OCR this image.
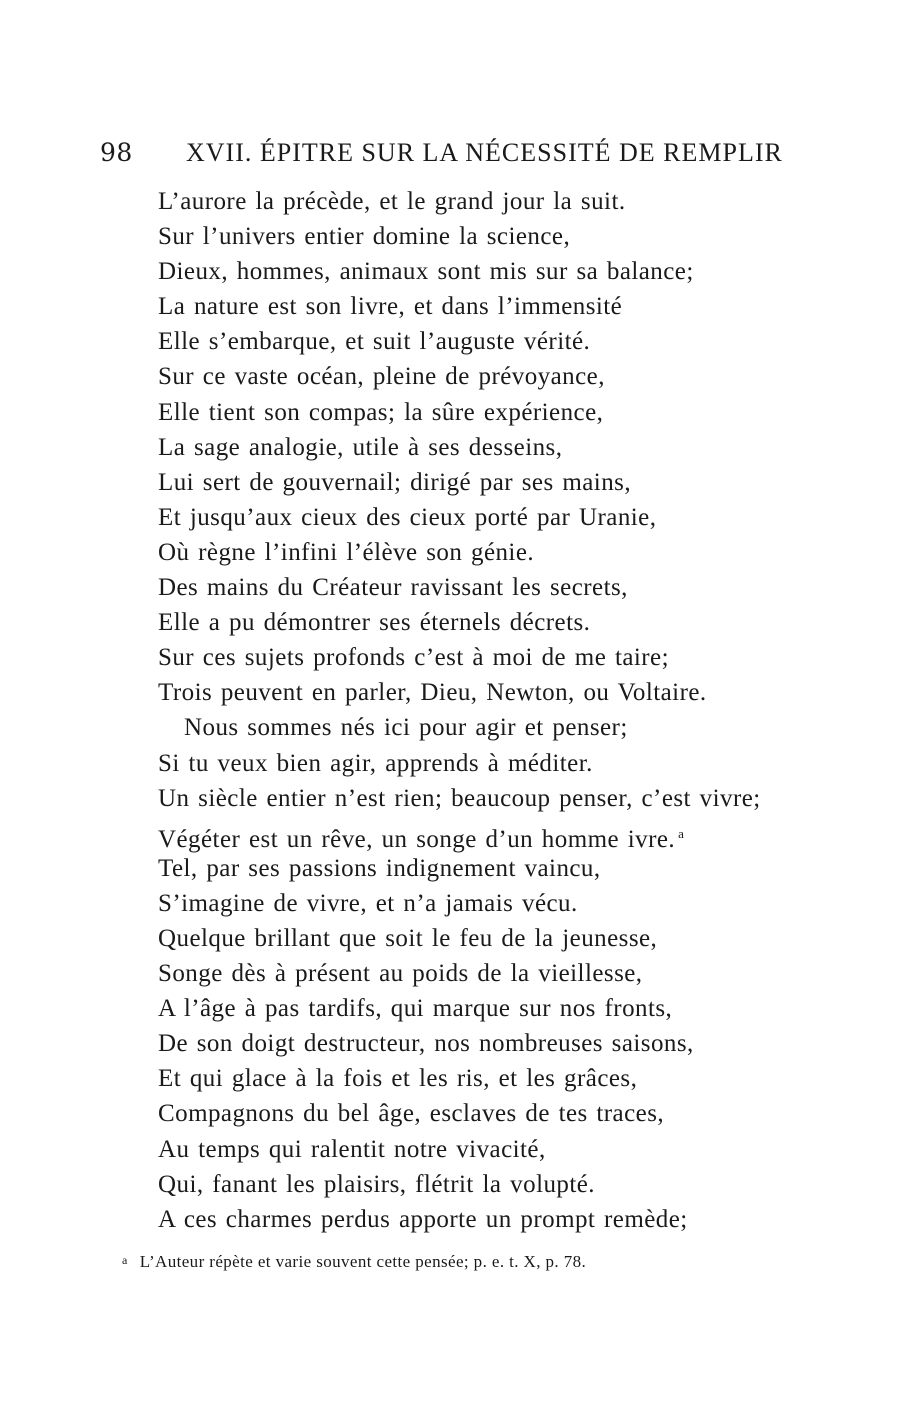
98 XVII. ÉPITRE SUR LA NÉCESSITÉ DE REMPLIR
L’aurore la précède, et le grand jour la suit.
Sur l’univers entier domine la science,
Dieux, hommes, animaux sont mis sur sa balance;
La nature est son livre, et dans l’immensité
Elle s’embarque, et suit l’auguste vérité.
Sur ce vaste océan, pleine de prévoyance,
Elle tient son compas; la sûre expérience,
La sage analogie, utile à ses desseins,
Lui sert de gouvernail; dirigé par ses mains,
Et jusqu’aux cieux des cieux porté par Uranie,
Où règne l’infini l’élève son génie.
Des mains du Créateur ravissant les secrets,
Elle a pu démontrer ses éternels décrets.
Sur ces sujets profonds c’est à moi de me taire;
Trois peuvent en parler, Dieu, Newton, ou Voltaire.
Nous sommes nés ici pour agir et penser;
Si tu veux bien agir, apprends à méditer.
Un siècle entier n’est rien; beaucoup penser, c’est vivre;
Végéter est un rêve, un songe d’un homme ivre. $^a$
Tel, par ses passions indignement vaincu,
S’imagine de vivre, et n’a jamais vécu.
Quelque brillant que soit le feu de la jeunesse,
Songe dès à présent au poids de la vieillesse,
A l’âge à pas tardifs, qui marque sur nos fronts,
De son doigt destructeur, nos nombreuses saisons,
Et qui glace à la fois et les ris, et les grâces,
Compagnons du bel âge, esclaves de tes traces,
Au temps qui ralentit notre vivacité,
Qui, fanant les plaisirs, flétrit la volupté.
A ces charmes perdus apporte un prompt remède;
a L’Auteur répète et varie souvent cette pensée; p. e. t. X, p. 78.
